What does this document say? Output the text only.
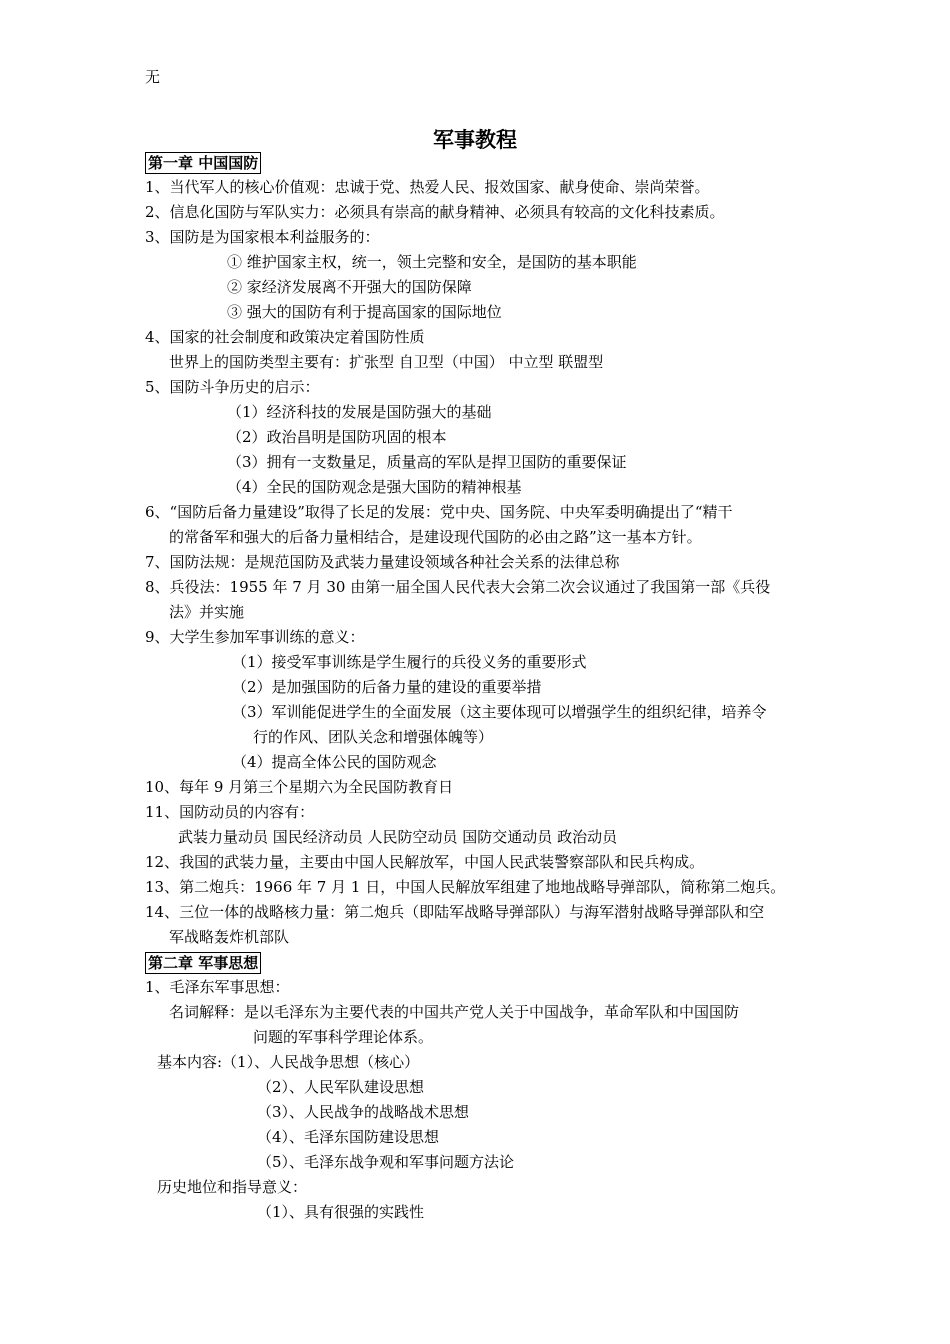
无
军事教程
第一章 中国国防
1、当代军人的核心价值观：忠诚于党、热爱人民、报效国家、献身使命、崇尚荣誉。
2、信息化国防与军队实力：必须具有崇高的献身精神、必须具有较高的文化科技素质。
3、国防是为国家根本利益服务的：
① 维护国家主权，统一，领土完整和安全，是国防的基本职能
② 家经济发展离不开强大的国防保障
③ 强大的国防有利于提高国家的国际地位
4、国家的社会制度和政策决定着国防性质
世界上的国防类型主要有：扩张型 自卫型（中国） 中立型 联盟型
5、国防斗争历史的启示：
（1）经济科技的发展是国防强大的基础
（2）政治昌明是国防巩固的根本
（3）拥有一支数量足，质量高的军队是捍卫国防的重要保证
（4）全民的国防观念是强大国防的精神根基
6、“国防后备力量建设”取得了长足的发展：党中央、国务院、中央军委明确提出了“精干
的常备军和强大的后备力量相结合，是建设现代国防的必由之路”这一基本方针。
7、国防法规：是规范国防及武装力量建设领域各种社会关系的法律总称
8、兵役法：1955 年 7 月 30 由第一届全国人民代表大会第二次会议通过了我国第一部《兵役
法》并实施
9、大学生参加军事训练的意义：
（1）接受军事训练是学生履行的兵役义务的重要形式
（2）是加强国防的后备力量的建设的重要举措
（3）军训能促进学生的全面发展（这主要体现可以增强学生的组织纪律，培养令
行的作风、团队关念和增强体魄等）
（4）提高全体公民的国防观念
10、每年 9 月第三个星期六为全民国防教育日
11、国防动员的内容有：
武装力量动员 国民经济动员 人民防空动员 国防交通动员 政治动员
12、我国的武装力量，主要由中国人民解放军，中国人民武装警察部队和民兵构成。
13、第二炮兵：1966 年 7 月 1 日，中国人民解放军组建了地地战略导弹部队，简称第二炮兵。
14、三位一体的战略核力量：第二炮兵（即陆军战略导弹部队）与海军潜射战略导弹部队和空
军战略轰炸机部队
第二章 军事思想
1、毛泽东军事思想：
名词解释：是以毛泽东为主要代表的中国共产党人关于中国战争，革命军队和中国国防
问题的军事科学理论体系。
基本内容:（1）、人民战争思想（核心）
（2）、人民军队建设思想
（3）、人民战争的战略战术思想
（4）、毛泽东国防建设思想
（5）、毛泽东战争观和军事问题方法论
历史地位和指导意义：
（1）、具有很强的实践性
